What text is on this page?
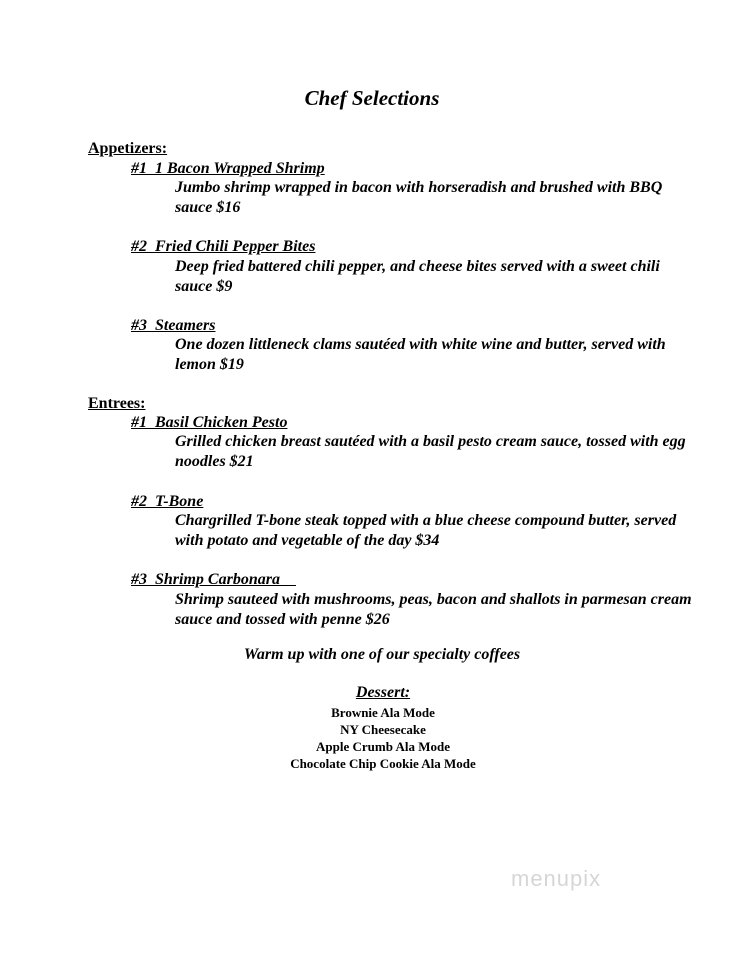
Chef Selections

Appetizers:

#1  1 Bacon Wrapped Shrimp

Jumbo shrimp wrapped in bacon with horseradish and brushed with BBQ sauce $16

#2  Fried Chili Pepper Bites

Deep fried battered chili pepper, and cheese bites served with a sweet chili sauce $9

#3  Steamers

One dozen littleneck clams sautéed with white wine and butter, served with lemon $19

Entrees:

#1  Basil Chicken Pesto

Grilled chicken breast sautéed with a basil pesto cream sauce, tossed with egg noodles $21

#2  T-Bone

Chargrilled T-bone steak topped with a blue cheese compound butter, served with potato and vegetable of the day $34

#3  Shrimp Carbonara

Shrimp sauteed with mushrooms, peas, bacon and shallots in parmesan cream sauce and tossed with penne $26

Warm up with one of our specialty coffees

Dessert:

Brownie Ala Mode
NY Cheesecake
Apple Crumb Ala Mode
Chocolate Chip Cookie Ala Mode

menupix
